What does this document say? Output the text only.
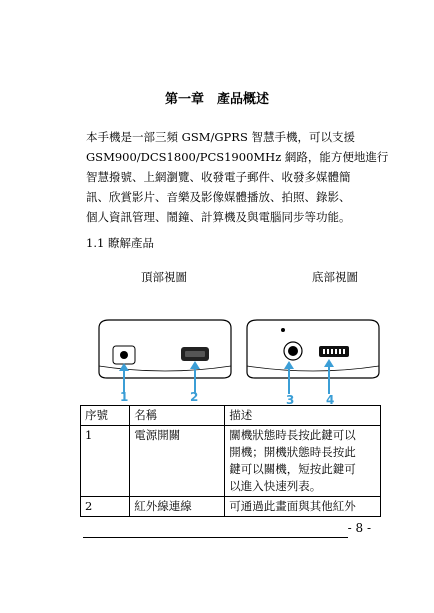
第一章　產品概述
本手機是一部三頻 GSM/GPRS 智慧手機，可以支援
GSM900/DCS1800/PCS1900MHz 網路，能方便地進行
智慧撥號、上網瀏覽、收發電子郵件、收發多媒體簡
訊、欣賞影片、音樂及影像媒體播放、拍照、錄影、
個人資訊管理、鬧鐘、計算機及與電腦同步等功能。
1.1 瞭解產品
頂部視圖	底部視圖
1	2	3	4
序號	名稱	描述
1	電源開關	關機狀態時長按此鍵可以
開機；開機狀態時長按此
鍵可以關機，短按此鍵可
以進入快速列表。

2	紅外線連線	可通過此畫面與其他紅外
- 8 -
